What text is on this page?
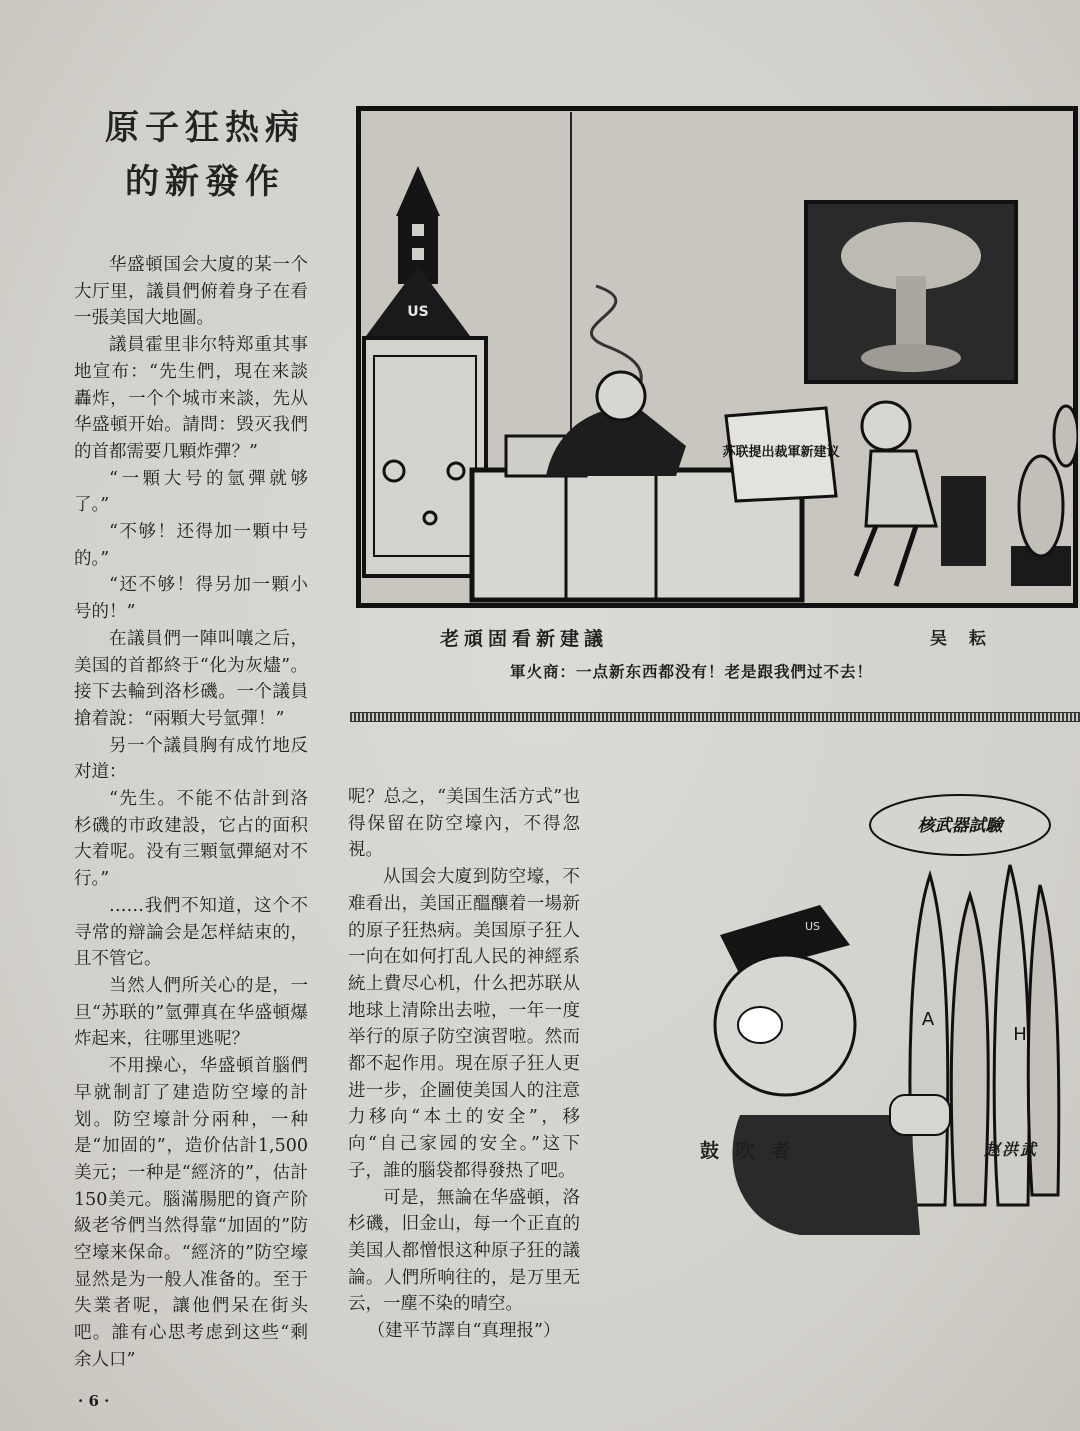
原子狂热病
的新發作

华盛頓国会大廈的某一个大厅里，議員們俯着身子在看一張美国大地圖。

議員霍里非尔特郑重其事地宣布：“先生們，現在来談轟炸，一个个城市来談，先从华盛頓开始。請問：毁灭我們的首都需要几顆炸彈？”

“一顆大号的氫彈就够了。”

“不够！还得加一顆中号的。”

“还不够！得另加一顆小号的！”

在議員們一陣叫嚷之后，美国的首都終于“化为灰燼”。接下去輪到洛杉磯。一个議員搶着說：“兩顆大号氫彈！”

另一个議員胸有成竹地反对道：

“先生。不能不估計到洛杉磯的市政建設，它占的面积大着呢。没有三顆氫彈絕对不行。”

……我們不知道，这个不寻常的辯論会是怎样結束的，且不管它。

当然人們所关心的是，一旦“苏联的”氫彈真在华盛頓爆炸起来，往哪里逃呢？

不用操心，华盛頓首腦們早就制訂了建造防空壕的計划。防空壕計分兩种，一种是“加固的”，造价估計1,500美元；一种是“經济的”，估計150美元。腦滿腸肥的資产阶級老爷們当然得靠“加固的”防空壕来保命。“經济的”防空壕显然是为一般人准备的。至于失業者呢，讓他們呆在街头吧。誰有心思考虑到这些“剩余人口”

呢？总之，“美国生活方式”也得保留在防空壕內，不得忽視。

从国会大廈到防空壕，不难看出，美国正醞釀着一場新的原子狂热病。美国原子狂人一向在如何打乱人民的神經系統上費尽心机，什么把苏联从地球上清除出去啦，一年一度举行的原子防空演習啦。然而都不起作用。現在原子狂人更进一步，企圖使美国人的注意力移向“本土的安全”，移向“自己家园的安全。”这下子，誰的腦袋都得發热了吧。

可是，無論在华盛頓，洛杉磯，旧金山，每一个正直的美国人都憎恨这种原子狂的議論。人們所响往的，是万里无云，一塵不染的晴空。

（建平节譯自“真理报”）

· 6 ·
US
苏联提出裁軍新建议
老頑固看新建議	吴 耘
軍火商：一点新东西都没有！老是跟我們过不去！
核武器試驗
A
H
US
鼓 吹 者	赵洪武
